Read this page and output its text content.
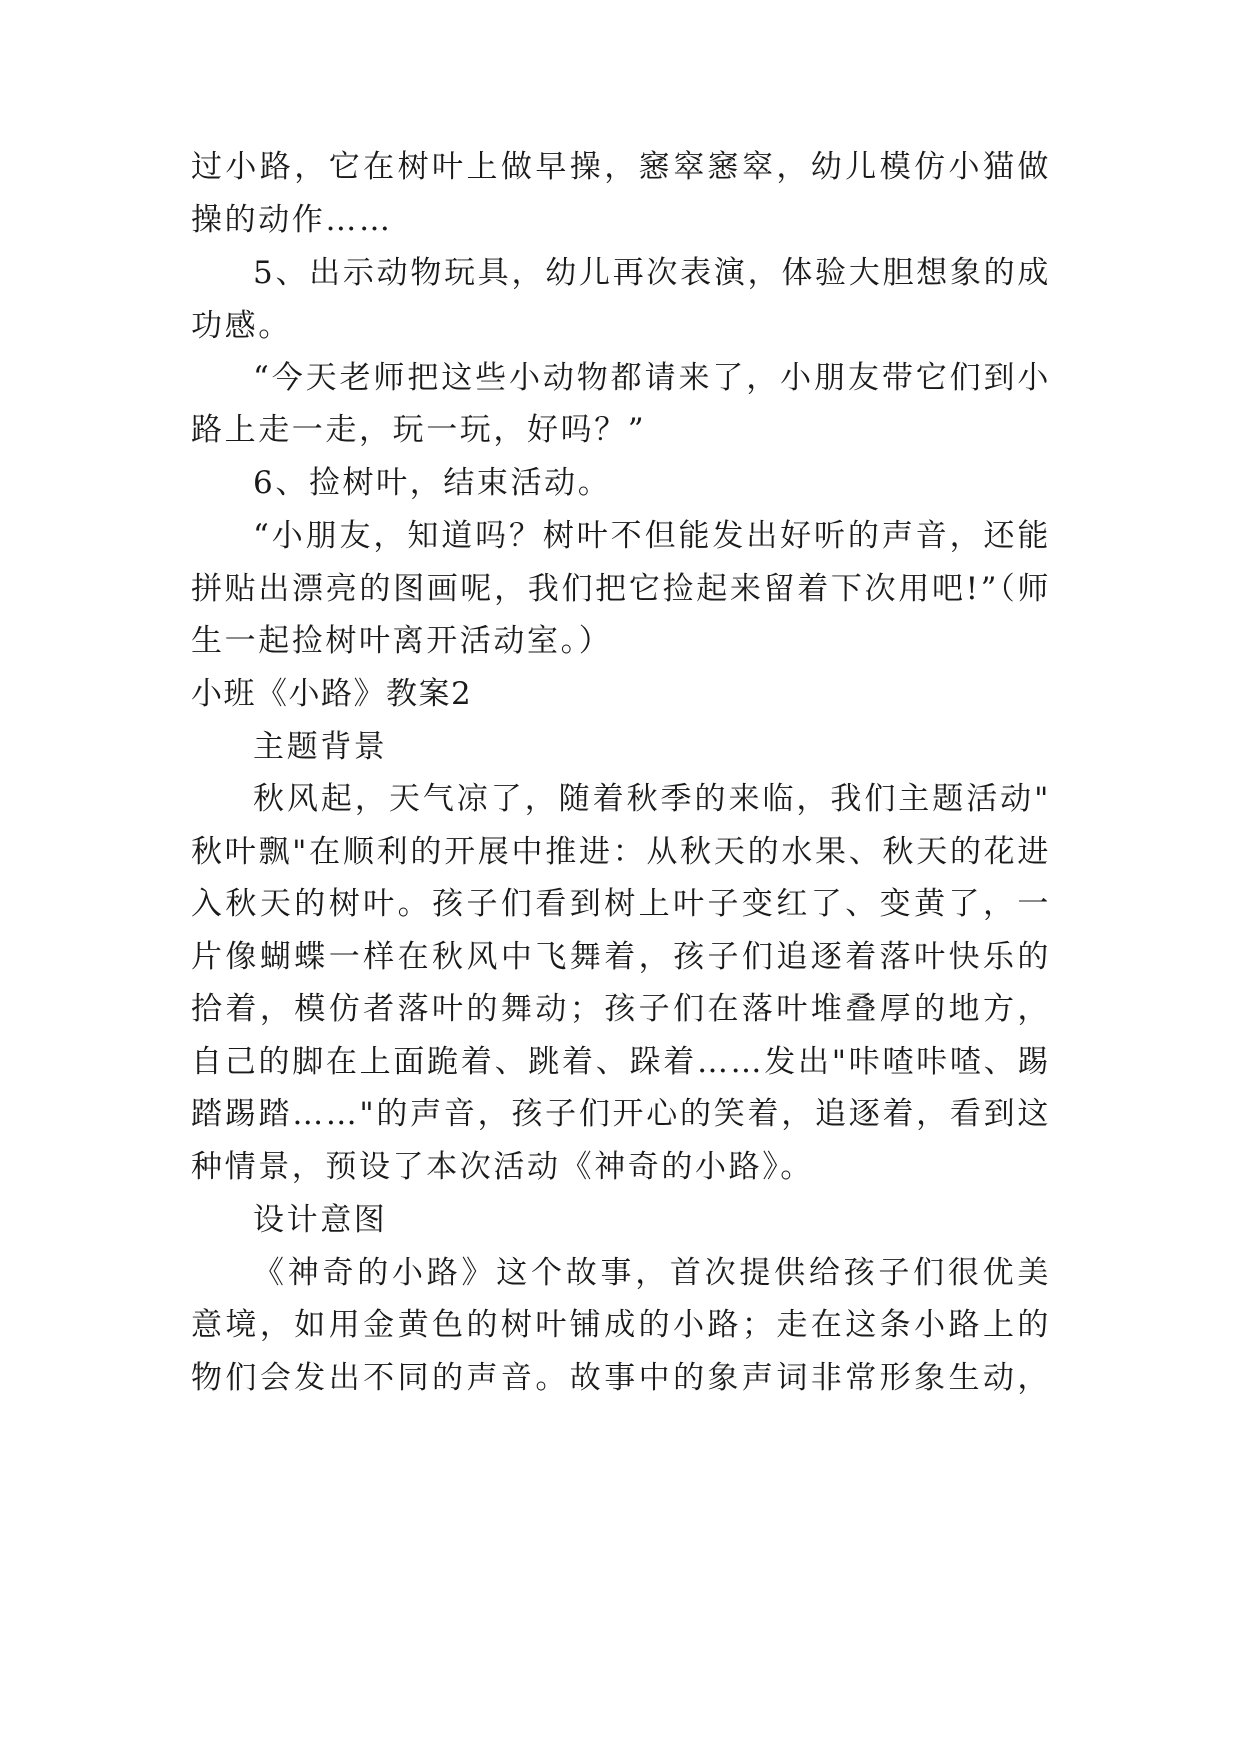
过小路，它在树叶上做早操，窸窣窸窣，幼儿模仿小猫做
操的动作……
5、出示动物玩具，幼儿再次表演，体验大胆想象的成
功感。
“今天老师把这些小动物都请来了，小朋友带它们到小
路上走一走，玩一玩，好吗？”
6、捡树叶，结束活动。
“小朋友，知道吗？树叶不但能发出好听的声音，还能
拼贴出漂亮的图画呢，我们把它捡起来留着下次用吧!”（师
生一起捡树叶离开活动室。）
小班《小路》教案2
主题背景
秋风起，天气凉了，随着秋季的来临，我们主题活动"
秋叶飘"在顺利的开展中推进：从秋天的水果、秋天的花进
入秋天的树叶。孩子们看到树上叶子变红了、变黄了，一
片像蝴蝶一样在秋风中飞舞着，孩子们追逐着落叶快乐的
拾着，模仿者落叶的舞动；孩子们在落叶堆叠厚的地方，
自己的脚在上面跪着、跳着、跺着……发出"咔喳咔喳、踢
踏踢踏……"的声音，孩子们开心的笑着，追逐着，看到这
种情景，预设了本次活动《神奇的小路》。
设计意图
《神奇的小路》这个故事，首次提供给孩子们很优美
意境，如用金黄色的树叶铺成的小路；走在这条小路上的
物们会发出不同的声音。故事中的象声词非常形象生动，
